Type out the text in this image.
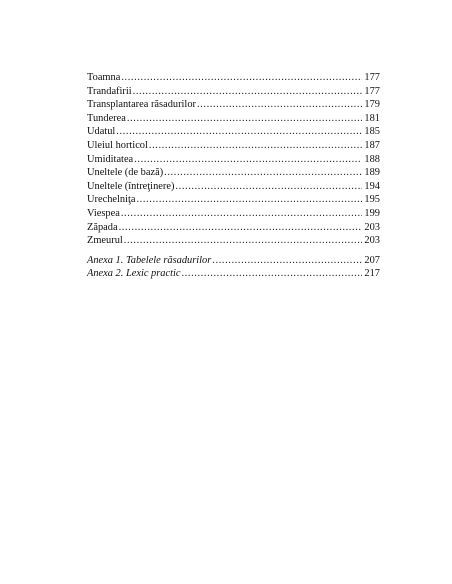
Toamna .....	177
Trandafirii .....	177
Transplantarea răsadurilor .....	179
Tunderea .....	181
Udatul .....	185
Uleiul horticol .....	187
Umiditatea .....	188
Uneltele (de bază) .....	189
Uneltele (întreţinere) .....	194
Urechelniţa .....	195
Viespea .....	199
Zăpada .....	203
Zmeurul .....	203
Anexa 1. Tabelele răsadurilor .....	207
Anexa 2. Lexic practic .....	217
